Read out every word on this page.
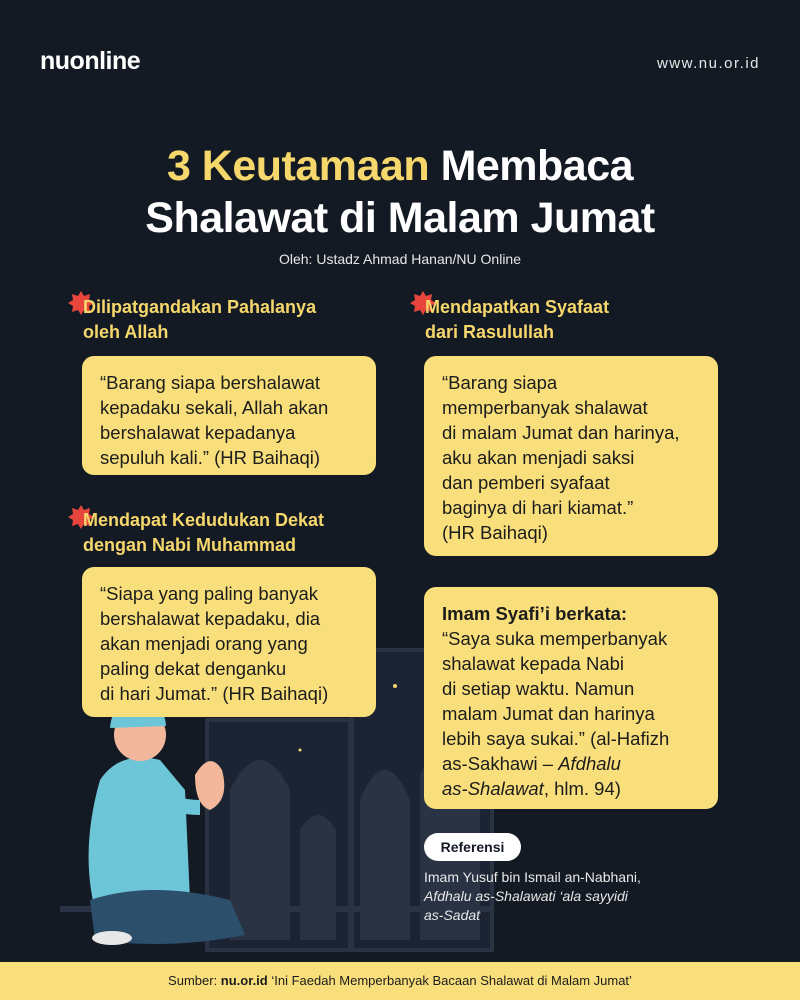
nuonline	www.nu.or.id
3 Keutamaan Membaca
Shalawat di Malam Jumat
Oleh: Ustadz Ahmad Hanan/NU Online
Dilipatgandakan Pahalanya
oleh Allah
“Barang siapa bershalawat
kepadaku sekali, Allah akan
bershalawat kepadanya
sepuluh kali.” (HR Baihaqi)
Mendapatkan Syafaat
dari Rasulullah
“Barang siapa
memperbanyak shalawat
di malam Jumat dan harinya,
aku akan menjadi saksi
dan pemberi syafaat
baginya di hari kiamat.”
(HR Baihaqi)
Mendapat Kedudukan Dekat
dengan Nabi Muhammad
“Siapa yang paling banyak
bershalawat kepadaku, dia
akan menjadi orang yang
paling dekat denganku
di hari Jumat.” (HR Baihaqi)
Imam Syafi’i berkata:
“Saya suka memperbanyak
shalawat kepada Nabi
di setiap waktu. Namun
malam Jumat dan harinya
lebih saya sukai.” (al-Hafizh
as-Sakhawi – Afdhalu
as-Shalawat, hlm. 94)
Referensi
Imam Yusuf bin Ismail an-Nabhani,
Afdhalu as-Shalawati ‘ala sayyidi
as-Sadat
Sumber: nu.or.id ‘Ini Faedah Memperbanyak Bacaan Shalawat di Malam Jumat’
